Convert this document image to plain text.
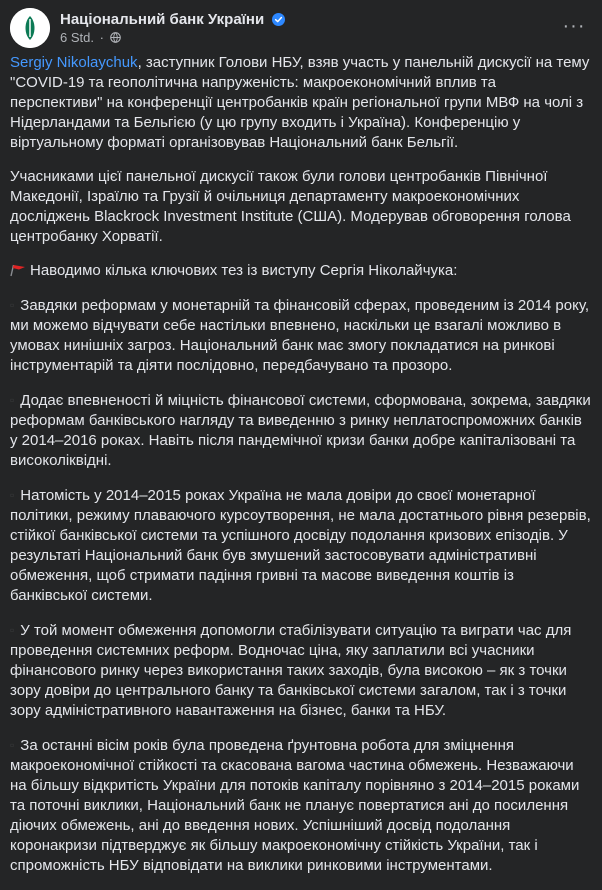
Національний банк України
6 Std. ·
···

Sergiy Nikolaychuk, заступник Голови НБУ, взяв участь у панельній дискусії на тему "COVID-19 та геополітична напруженість: макроекономічний вплив та перспективи" на конференції центробанків країн регіональної групи МВФ на чолі з Нідерландами та Бельгією (у цю групу входить і Україна). Конференцію у віртуальному форматі організовував Національний банк Бельгії.

Учасниками цієї панельної дискусії також були голови центробанків Північної Македонії, Ізраїлю та Грузії й очільниця департаменту макроекономічних досліджень Blackrock Investment Institute (США). Модерував обговорення голова центробанку Хорватії.

Наводимо кілька ключових тез із виступу Сергія Ніколайчука:

▫ Завдяки реформам у монетарній та фінансовій сферах, проведеним із 2014 року, ми можемо відчувати себе настільки впевнено, наскільки це взагалі можливо в умовах нинішніх загроз. Національний банк має змогу покладатися на ринкові інструментарій та діяти послідовно, передбачувано та прозоро.

▫ Додає впевненості й міцність фінансової системи, сформована, зокрема, завдяки реформам банківського нагляду та виведенню з ринку неплатоспроможних банків у 2014–2016 роках. Навіть після пандемічної кризи банки добре капіталізовані та високоліквідні.

▫ Натомість у 2014–2015 роках Україна не мала довіри до своєї монетарної політики, режиму плаваючого курсоутворення, не мала достатнього рівня резервів, стійкої банківської системи та успішного досвіду подолання кризових епізодів. У результаті Національний банк був змушений застосовувати адміністративні обмеження, щоб стримати падіння гривні та масове виведення коштів із банківської системи.

▫ У той момент обмеження допомогли стабілізувати ситуацію та виграти час для проведення системних реформ. Водночас ціна, яку заплатили всі учасники фінансового ринку через використання таких заходів, була високою – як з точки зору довіри до центрального банку та банківської системи загалом, так і з точки зору адміністративного навантаження на бізнес, банки та НБУ.

▫ За останні вісім років була проведена ґрунтовна робота для зміцнення макроекономічної стійкості та скасована вагома частина обмежень. Незважаючи на більшу відкритість України для потоків капіталу порівняно з 2014–2015 роками та поточні виклики, Національний банк не планує повертатися ані до посилення діючих обмежень, ані до введення нових. Успішніший досвід подолання коронакризи підтверджує як більшу макроекономічну стійкість України, так і спроможність НБУ відповідати на виклики ринковими інструментами.
